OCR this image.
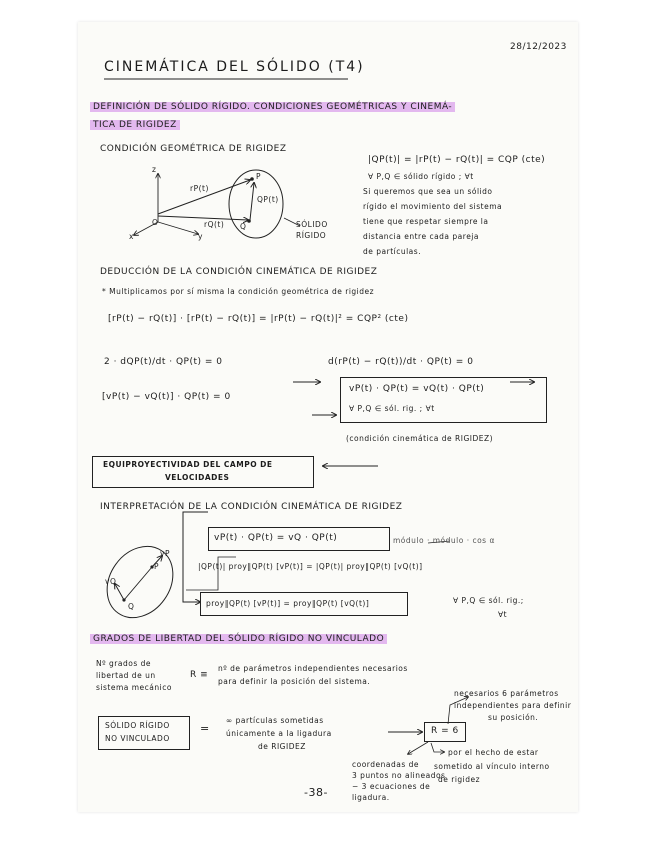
28/12/2023
CINEMÁTICA DEL SÓLIDO (T4)
DEFINICIÓN DE SÓLIDO RÍGIDO. CONDICIONES GEOMÉTRICAS Y CINEMÁ-
TICA DE RIGIDEZ
CONDICIÓN GEOMÉTRICA DE RIGIDEZ
|QP(t)| = |rP(t) − rQ(t)| = CQP (cte)
∀ P,Q ∈ sólido rígido ; ∀t
Si queremos que sea un sólido
rígido el movimiento del sistema
tiene que respetar siempre la
distancia entre cada pareja
de partículas.
z
x	y
O
P
Q
rP(t)
rQ(t)
QP(t)
SÓLIDO
RÍGIDO
DEDUCCIÓN DE LA CONDICIÓN CINEMÁTICA DE RIGIDEZ
* Multiplicamos por sí misma la condición geométrica de rigidez
[rP(t) − rQ(t)] · [rP(t) − rQ(t)] = |rP(t) − rQ(t)|² = CQP² (cte)
2 · dQP(t)/dt · QP(t) = 0	d(rP(t) − rQ(t))/dt · QP(t) = 0
[vP(t) − vQ(t)] · QP(t) = 0
vP(t) · QP(t) = vQ(t) · QP(t)
∀ P,Q ∈ sól. rig. ; ∀t
(condición cinemática de RIGIDEZ)
EQUIPROYECTIVIDAD DEL CAMPO DE
VELOCIDADES
INTERPRETACIÓN DE LA CONDICIÓN CINEMÁTICA DE RIGIDEZ
vP(t) · QP(t) = vQ · QP(t)	módulo · módulo · cos α
|QP(t)| proy‖QP(t) [vP(t)] = |QP(t)| proy‖QP(t) [vQ(t)]
proy‖QP(t) [vP(t)] = proy‖QP(t) [vQ(t)]	∀ P,Q ∈ sól. rig.;
∀t
P
Q
vP
vQ
GRADOS DE LIBERTAD DEL SÓLIDO RÍGIDO NO VINCULADO
Nº grados de
libertad de un
sistema mecánico
R ≡
nº de parámetros independientes necesarios
para definir la posición del sistema.
SÓLIDO RÍGIDO
NO VINCULADO
=
∞ partículas sometidas
únicamente a la ligadura
de RIGIDEZ
R = 6
necesarios 6 parámetros
independientes para definir
su posición.
por el hecho de estar
sometido al vínculo interno
de rigidez
coordenadas de
3 puntos no alineados
− 3 ecuaciones de
ligadura.
-38-
